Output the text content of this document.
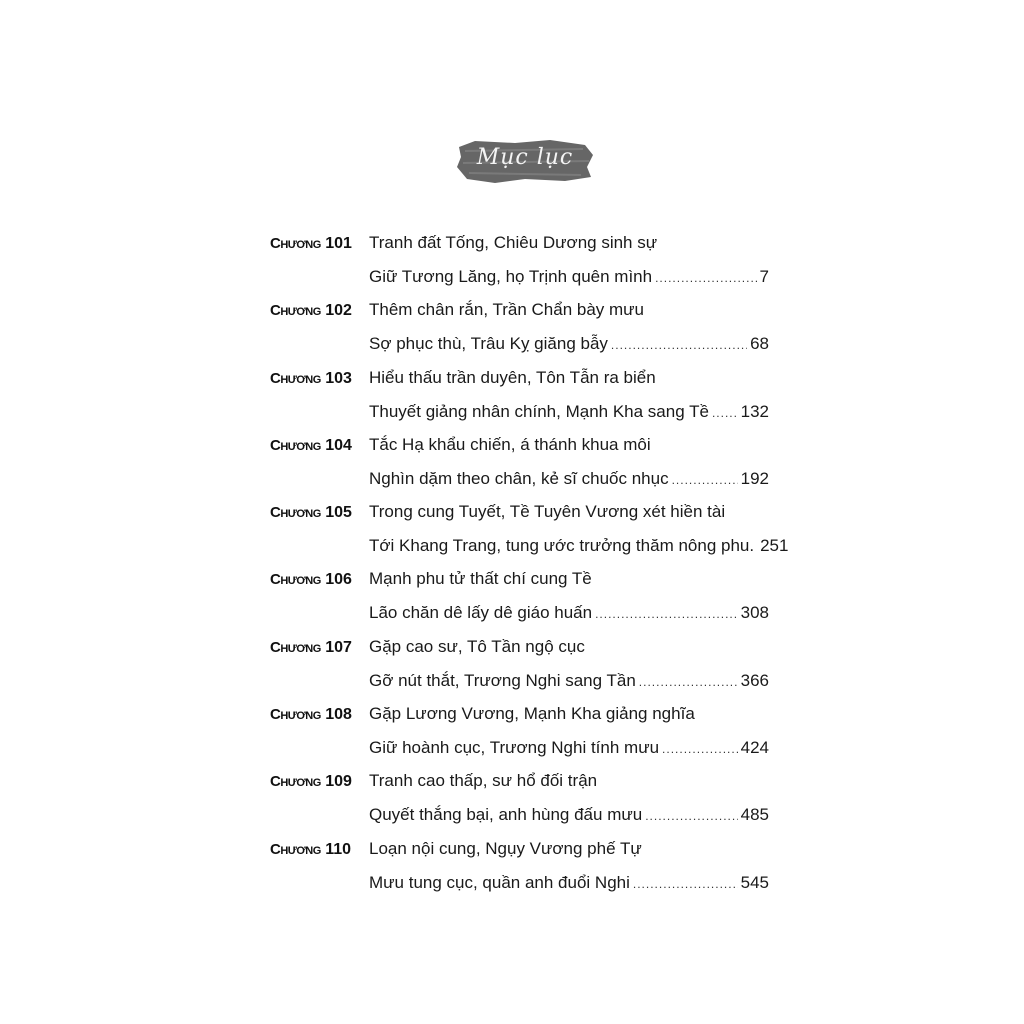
Mục lục
Chương 101 Tranh đất Tống, Chiêu Dương sinh sự
Giữ Tương Lăng, họ Trịnh quên mình .....	7
Chương 102 Thêm chân rắn, Trần Chẩn bày mưu
Sợ phục thù, Trâu Kỵ giăng bẫy .....	68
Chương 103 Hiểu thấu trần duyên, Tôn Tẫn ra biển
Thuyết giảng nhân chính, Mạnh Kha sang Tề ..... 132
Chương 104 Tắc Hạ khẩu chiến, á thánh khua môi
Nghìn dặm theo chân, kẻ sĩ chuốc nhục .....	192
Chương 105 Trong cung Tuyết, Tề Tuyên Vương xét hiền tài
Tới Khang Trang, tung ước trưởng thăm nông phu. 251
Chương 106 Mạnh phu tử thất chí cung Tề
Lão chăn dê lấy dê giáo huấn .....	308
Chương 107 Gặp cao sư, Tô Tần ngộ cục
Gỡ nút thắt, Trương Nghi sang Tần .....	366
Chương 108 Gặp Lương Vương, Mạnh Kha giảng nghĩa
Giữ hoành cục, Trương Nghi tính mưu .....	424
Chương 109 Tranh cao thấp, sư hổ đối trận
Quyết thắng bại, anh hùng đấu mưu .....	485
Chương 110 Loạn nội cung, Ngụy Vương phế Tự
Mưu tung cục, quần anh đuổi Nghi .....	545
